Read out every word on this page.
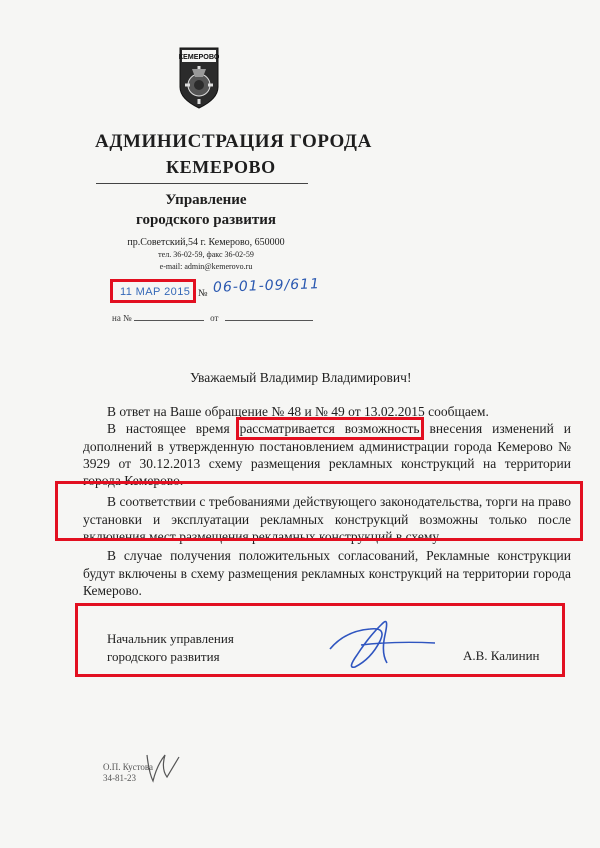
КЕМЕРОВО
АДМИНИСТРАЦИЯ ГОРОДА
КЕМЕРОВО
Управление
городского развития
пр.Советский,54 г. Кемерово, 650000
тел. 36-02-59, факс 36-02-59
e-mail: admin@kemerovo.ru
11 МАР 2015 № 06-01-09/611
на №	от
Уважаемый Владимир Владимирович!

В ответ на Ваше обращение № 48 и № 49 от 13.02.2015 сообщаем.

В настоящее время рассматривается возможность внесения изменений и дополнений в утвержденную постановлением администрации города Кемерово № 3929 от 30.12.2013 схему размещения рекламных конструкций на территории города Кемерово.

В соответствии с требованиями действующего законодательства, торги на право установки и эксплуатации рекламных конструкций возможны только после включения мест размещения рекламных конструкций в схему.

В случае получения положительных согласований, Рекламные конструкции будут включены в схему размещения рекламных конструкций на территории города Кемерово.

Начальник управления
городского развития	А.В. Калинин
О.П. Кустова
34-81-23
